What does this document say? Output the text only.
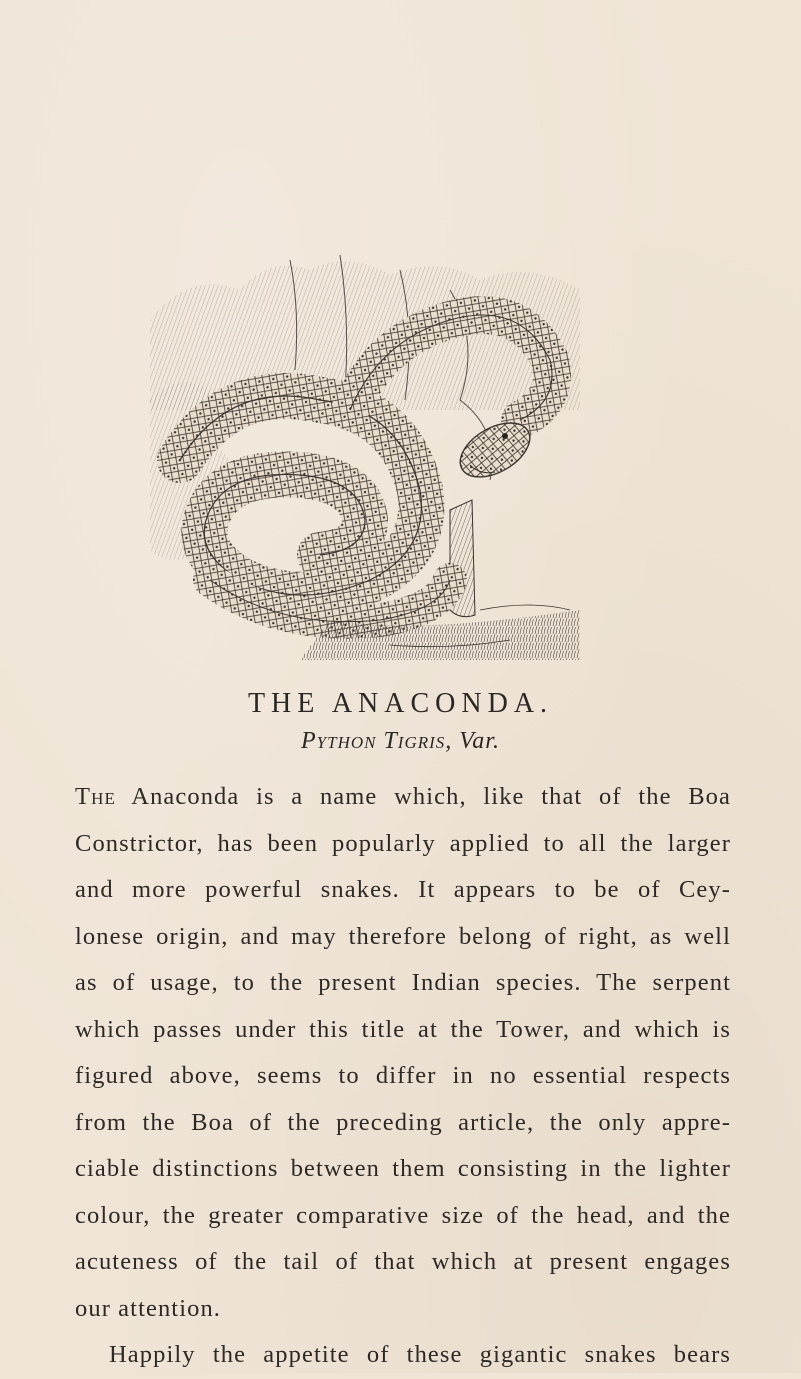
THE ANACONDA.
Python Tigris, Var.

The Anaconda is a name which, like that of the Boa
Constrictor, has been popularly applied to all the larger
and more powerful snakes. It appears to be of Cey-
lonese origin, and may therefore belong of right, as well
as of usage, to the present Indian species. The serpent
which passes under this title at the Tower, and which is
figured above, seems to differ in no essential respects
from the Boa of the preceding article, the only appre-
ciable distinctions between them consisting in the lighter
colour, the greater comparative size of the head, and the
acuteness of the tail of that which at present engages
our attention.

Happily the appetite of these gigantic snakes bears
